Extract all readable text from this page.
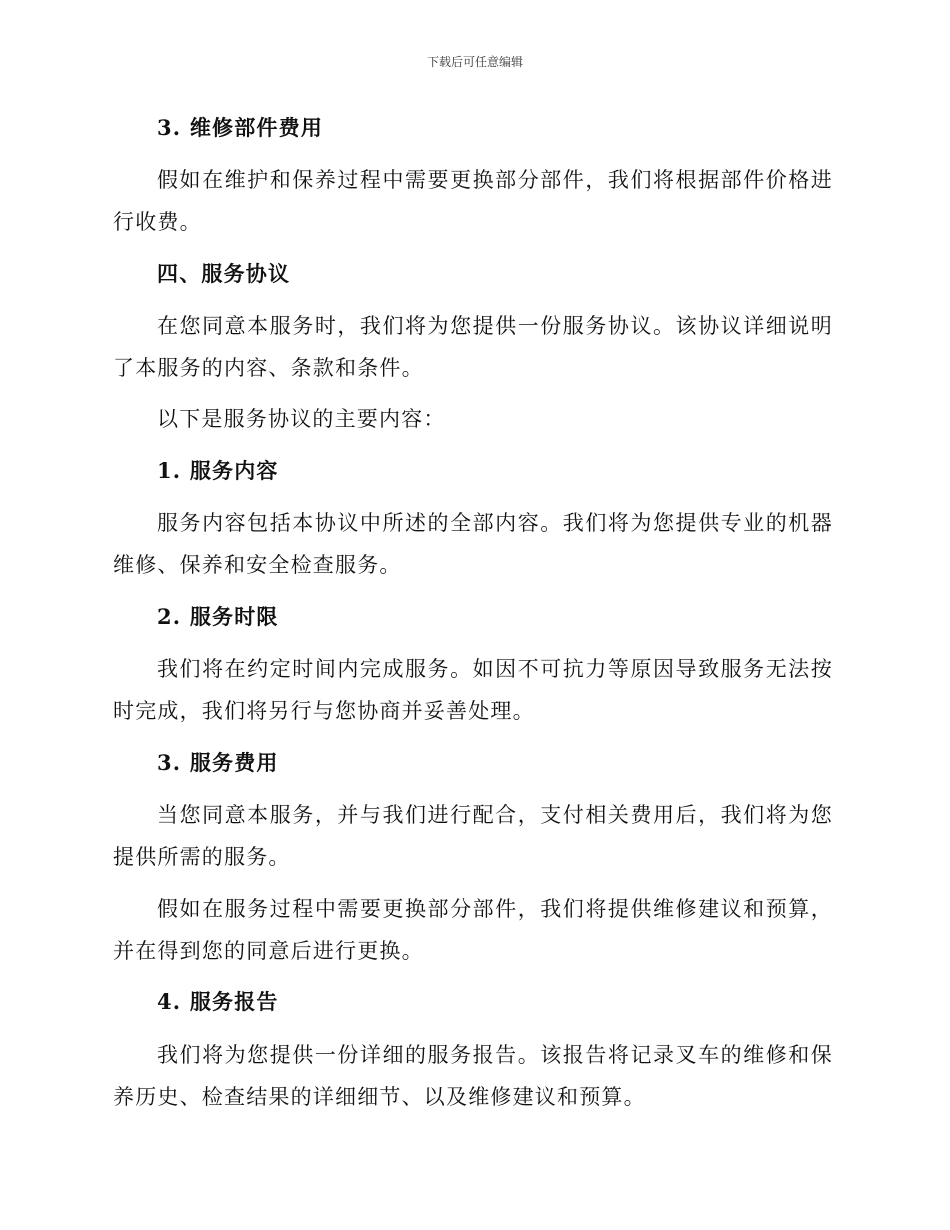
下载后可任意编辑
3. 维修部件费用
假如在维护和保养过程中需要更换部分部件，我们将根据部件价格进行收费。
四、服务协议
在您同意本服务时，我们将为您提供一份服务协议。该协议详细说明了本服务的内容、条款和条件。
以下是服务协议的主要内容：
1. 服务内容
服务内容包括本协议中所述的全部内容。我们将为您提供专业的机器维修、保养和安全检查服务。
2. 服务时限
我们将在约定时间内完成服务。如因不可抗力等原因导致服务无法按时完成，我们将另行与您协商并妥善处理。
3. 服务费用
当您同意本服务，并与我们进行配合，支付相关费用后，我们将为您提供所需的服务。
假如在服务过程中需要更换部分部件，我们将提供维修建议和预算，并在得到您的同意后进行更换。
4. 服务报告
我们将为您提供一份详细的服务报告。该报告将记录叉车的维修和保养历史、检查结果的详细细节、以及维修建议和预算。
